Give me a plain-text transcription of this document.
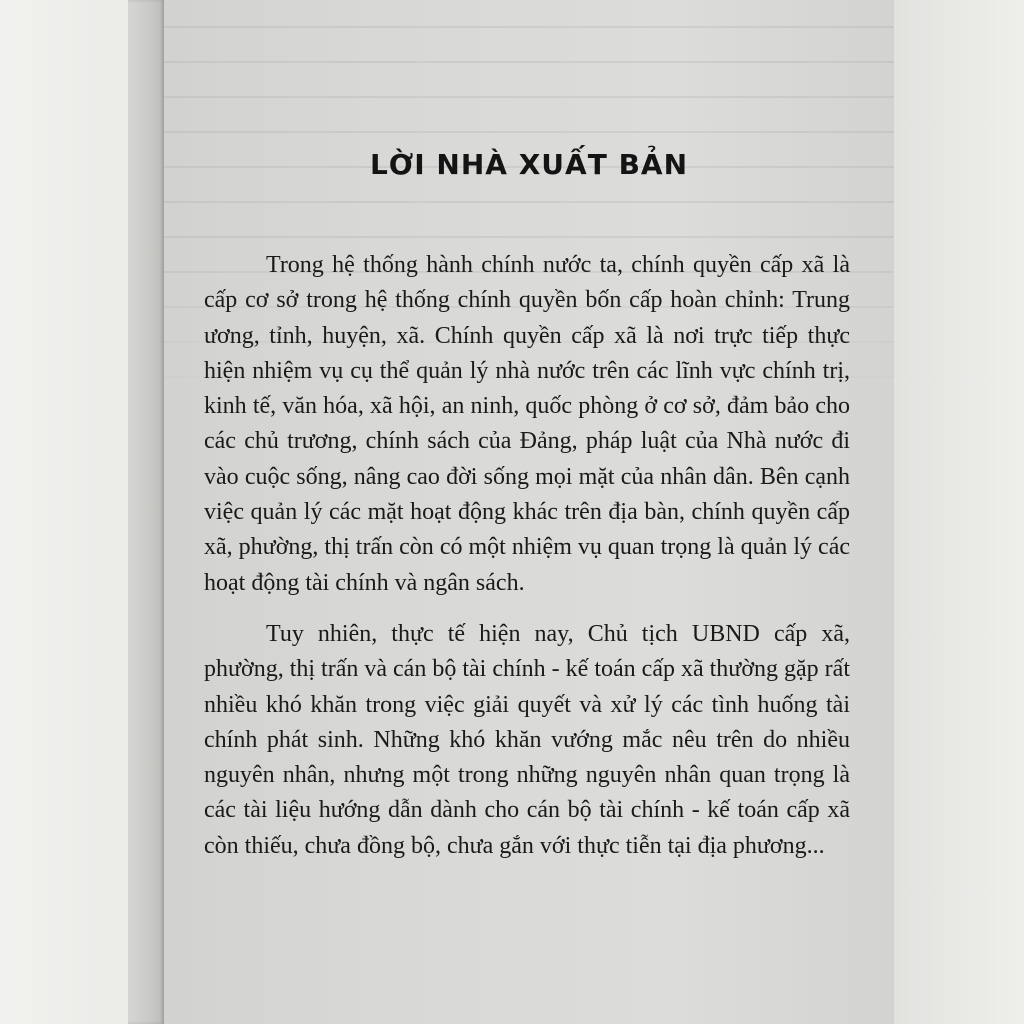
LỜI NHÀ XUẤT BẢN

Trong hệ thống hành chính nước ta, chính quyền cấp xã là cấp cơ sở trong hệ thống chính quyền bốn cấp hoàn chỉnh: Trung ương, tỉnh, huyện, xã. Chính quyền cấp xã là nơi trực tiếp thực hiện nhiệm vụ cụ thể quản lý nhà nước trên các lĩnh vực chính trị, kinh tế, văn hóa, xã hội, an ninh, quốc phòng ở cơ sở, đảm bảo cho các chủ trương, chính sách của Đảng, pháp luật của Nhà nước đi vào cuộc sống, nâng cao đời sống mọi mặt của nhân dân. Bên cạnh việc quản lý các mặt hoạt động khác trên địa bàn, chính quyền cấp xã, phường, thị trấn còn có một nhiệm vụ quan trọng là quản lý các hoạt động tài chính và ngân sách.

Tuy nhiên, thực tế hiện nay, Chủ tịch UBND cấp xã, phường, thị trấn và cán bộ tài chính - kế toán cấp xã thường gặp rất nhiều khó khăn trong việc giải quyết và xử lý các tình huống tài chính phát sinh. Những khó khăn vướng mắc nêu trên do nhiều nguyên nhân, nhưng một trong những nguyên nhân quan trọng là các tài liệu hướng dẫn dành cho cán bộ tài chính - kế toán cấp xã còn thiếu, chưa đồng bộ, chưa gắn với thực tiễn tại địa phương...
